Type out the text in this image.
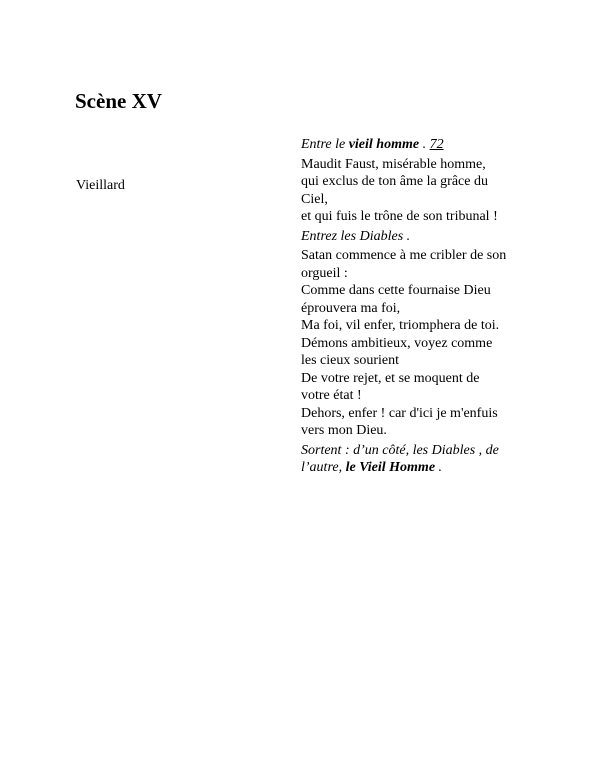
Scène XV
Vieillard
Entre le vieil homme . 72
Maudit Faust, misérable homme,
qui exclus de ton âme la grâce du
Ciel,
et qui fuis le trône de son tribunal !
Entrez les Diables .
Satan commence à me cribler de son
orgueil :
Comme dans cette fournaise Dieu
éprouvera ma foi,
Ma foi, vil enfer, triomphera de toi.
Démons ambitieux, voyez comme
les cieux sourient
De votre rejet, et se moquent de
votre état !
Dehors, enfer ! car d'ici je m'enfuis
vers mon Dieu.
Sortent : d’un côté, les Diables , de
l’autre, le Vieil Homme .
